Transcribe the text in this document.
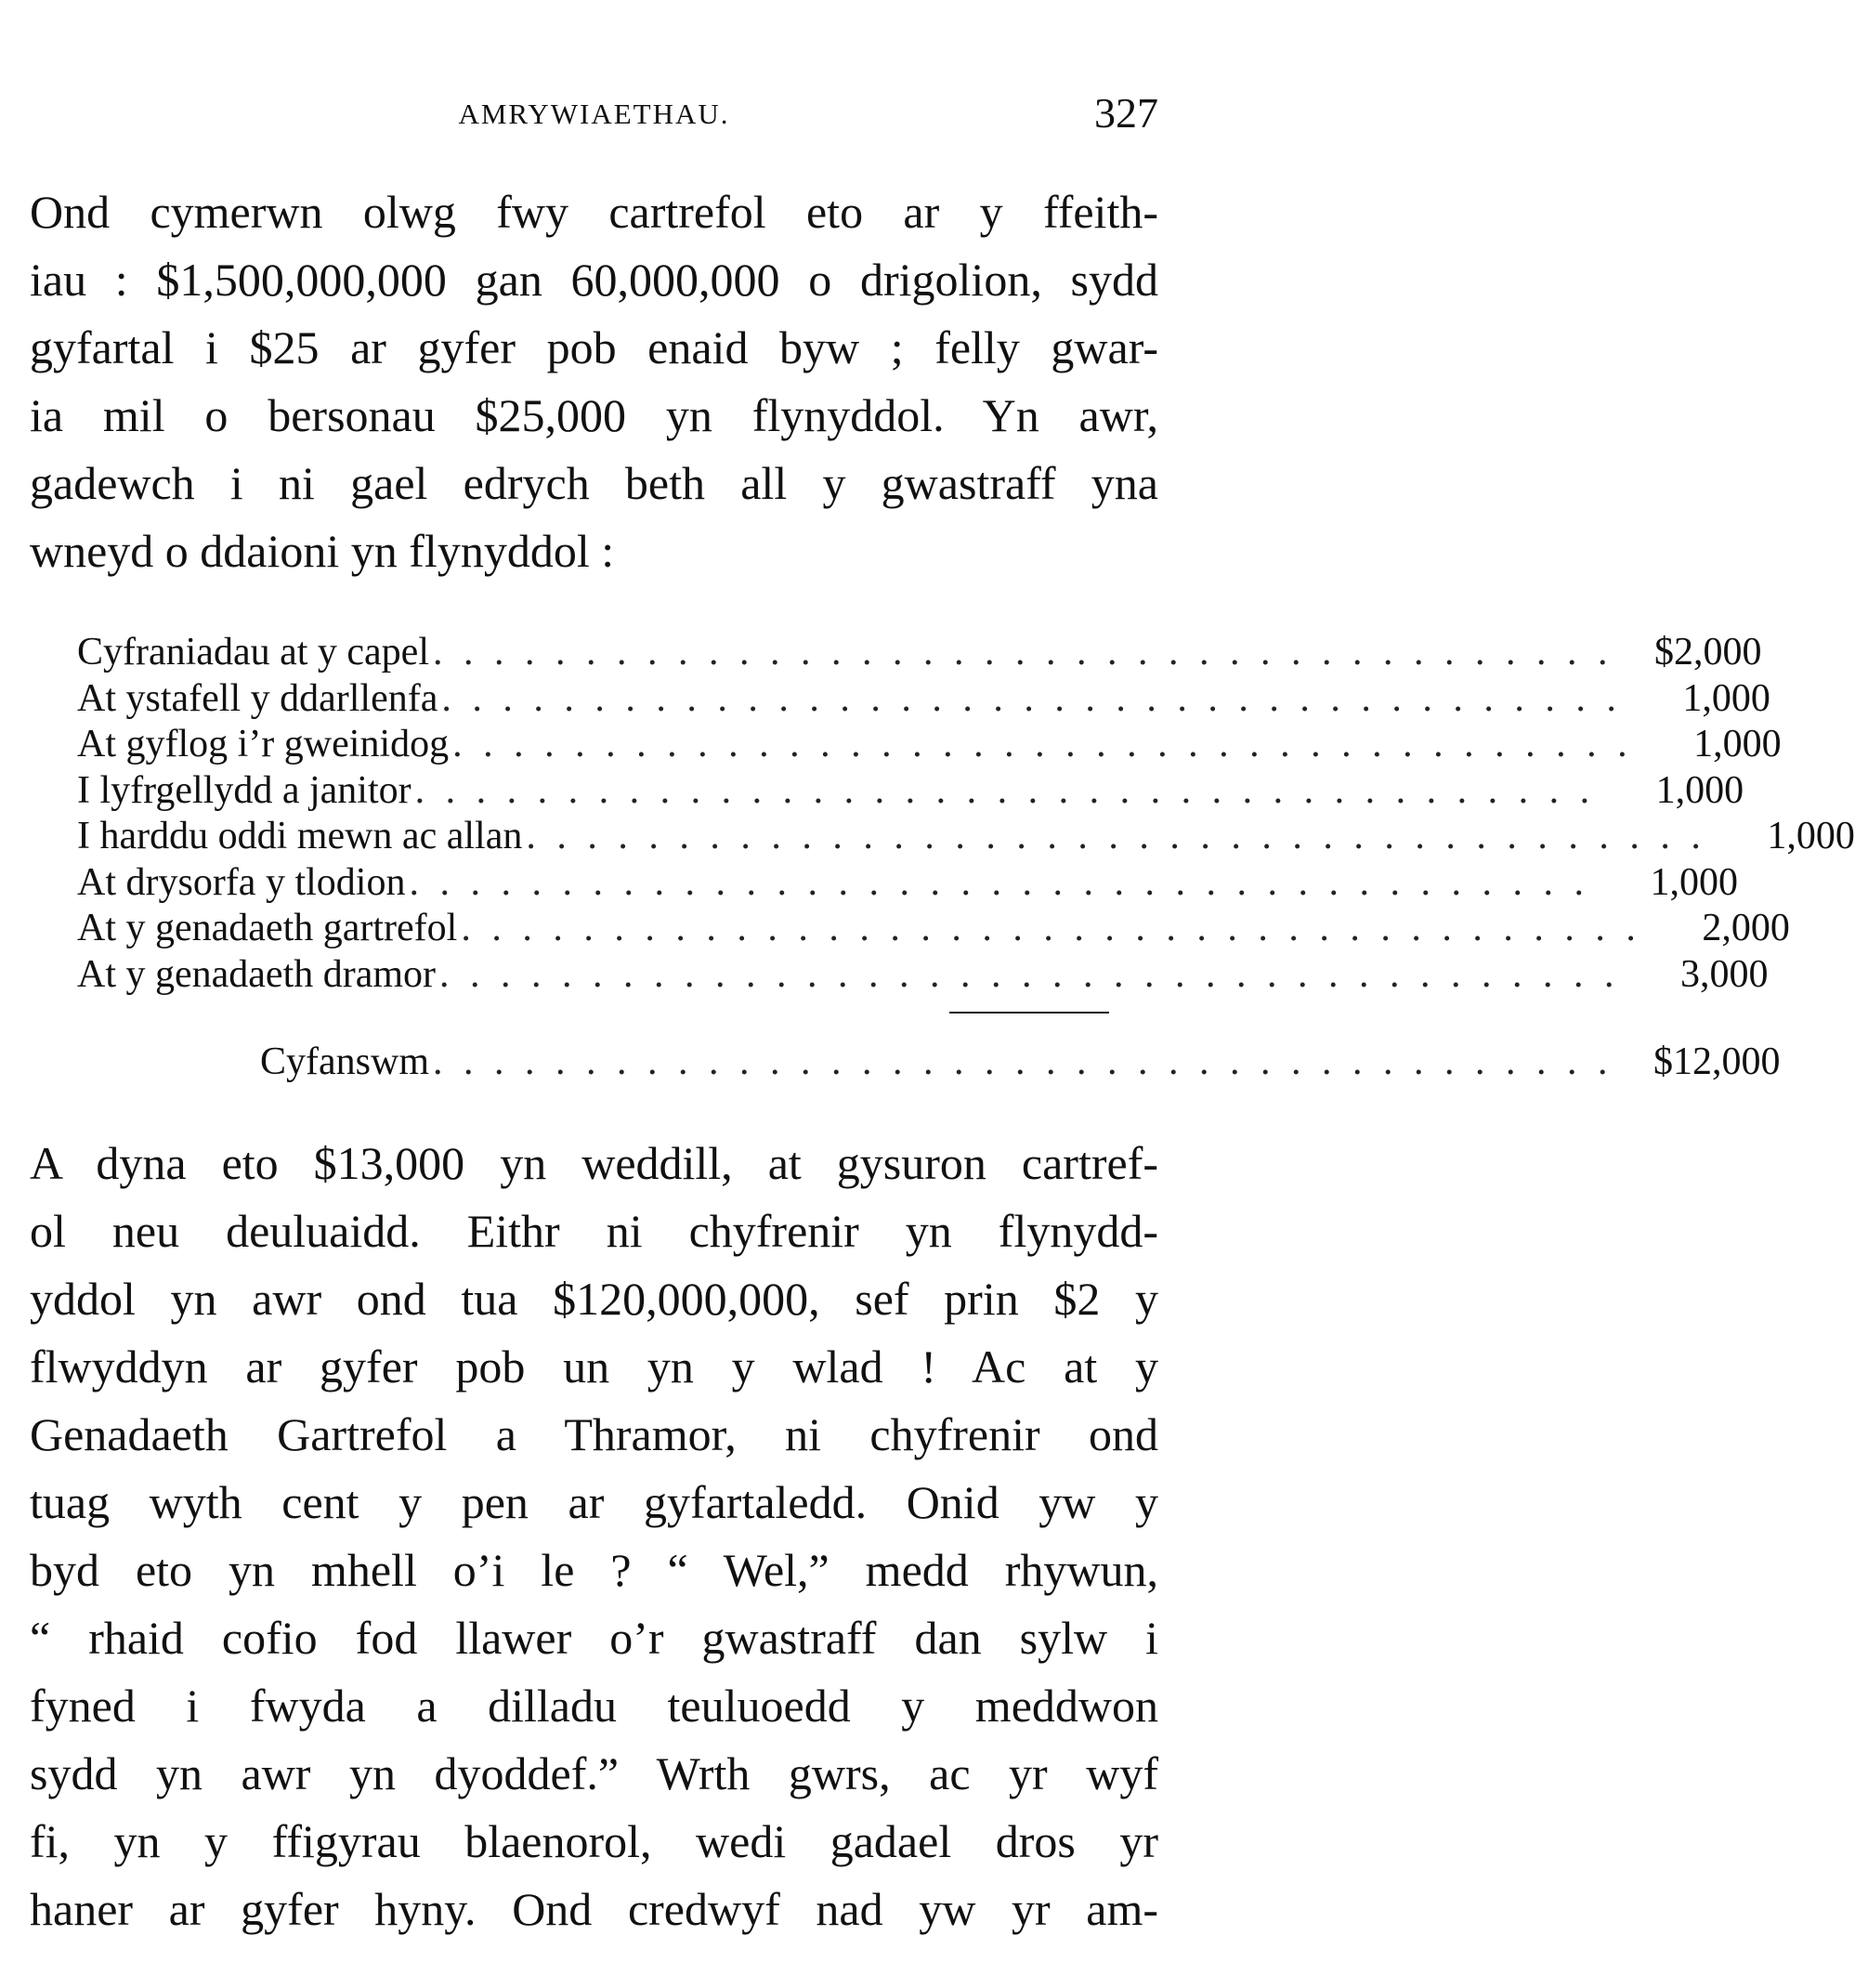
AMRYWIAETHAU.	327
Ond cymerwn olwg fwy cartrefol eto ar y ffeith-
iau : $1,500,000,000 gan 60,000,000 o drigolion, sydd
gyfartal i $25 ar gyfer pob enaid byw ; felly gwar-
ia mil o bersonau $25,000 yn flynyddol. Yn awr,
gadewch i ni gael edrych beth all y gwastraff yna
wneyd o ddaioni yn flynyddol :
Cyfraniadau at y capel . . . . . . . . . . . . . . . . . . . . . . . . . . . . . . . . . . . . . . .	$2,000
At ystafell y ddarllenfa . . . . . . . . . . . . . . . . . . . . . . . . . . . . . . . . . . . . . . .	1,000
At gyflog i’r gweinidog . . . . . . . . . . . . . . . . . . . . . . . . . . . . . . . . . . . . . . .	1,000
I lyfrgellydd a janitor . . . . . . . . . . . . . . . . . . . . . . . . . . . . . . . . . . . . . . .	1,000
I harddu oddi mewn ac allan . . . . . . . . . . . . . . . . . . . . . . . . . . . . . . . . . . . . . . .	1,000
At drysorfa y tlodion . . . . . . . . . . . . . . . . . . . . . . . . . . . . . . . . . . . . . . .	1,000
At y genadaeth gartrefol . . . . . . . . . . . . . . . . . . . . . . . . . . . . . . . . . . . . . . .	2,000
At y genadaeth dramor . . . . . . . . . . . . . . . . . . . . . . . . . . . . . . . . . . . . . . .	3,000
Cyfanswm . . . . . . . . . . . . . . . . . . . . . . . . . . . . . . . . . . . . . . .	$12,000
A dyna eto $13,000 yn weddill, at gysuron cartref-
ol neu deuluaidd. Eithr ni chyfrenir yn flynydd-
yddol yn awr ond tua $120,000,000, sef prin $2 y
flwyddyn ar gyfer pob un yn y wlad ! Ac at y
Genadaeth Gartrefol a Thramor, ni chyfrenir ond
tuag wyth cent y pen ar gyfartaledd. Onid yw y
byd eto yn mhell o’i le ? “ Wel,” medd rhywun,
“ rhaid cofio fod llawer o’r gwastraff dan sylw i
fyned i fwyda a dilladu teuluoedd y meddwon
sydd yn awr yn dyoddef.” Wrth gwrs, ac yr wyf
fi, yn y ffigyrau blaenorol, wedi gadael dros yr
haner ar gyfer hyny. Ond credwyf nad yw yr am-
